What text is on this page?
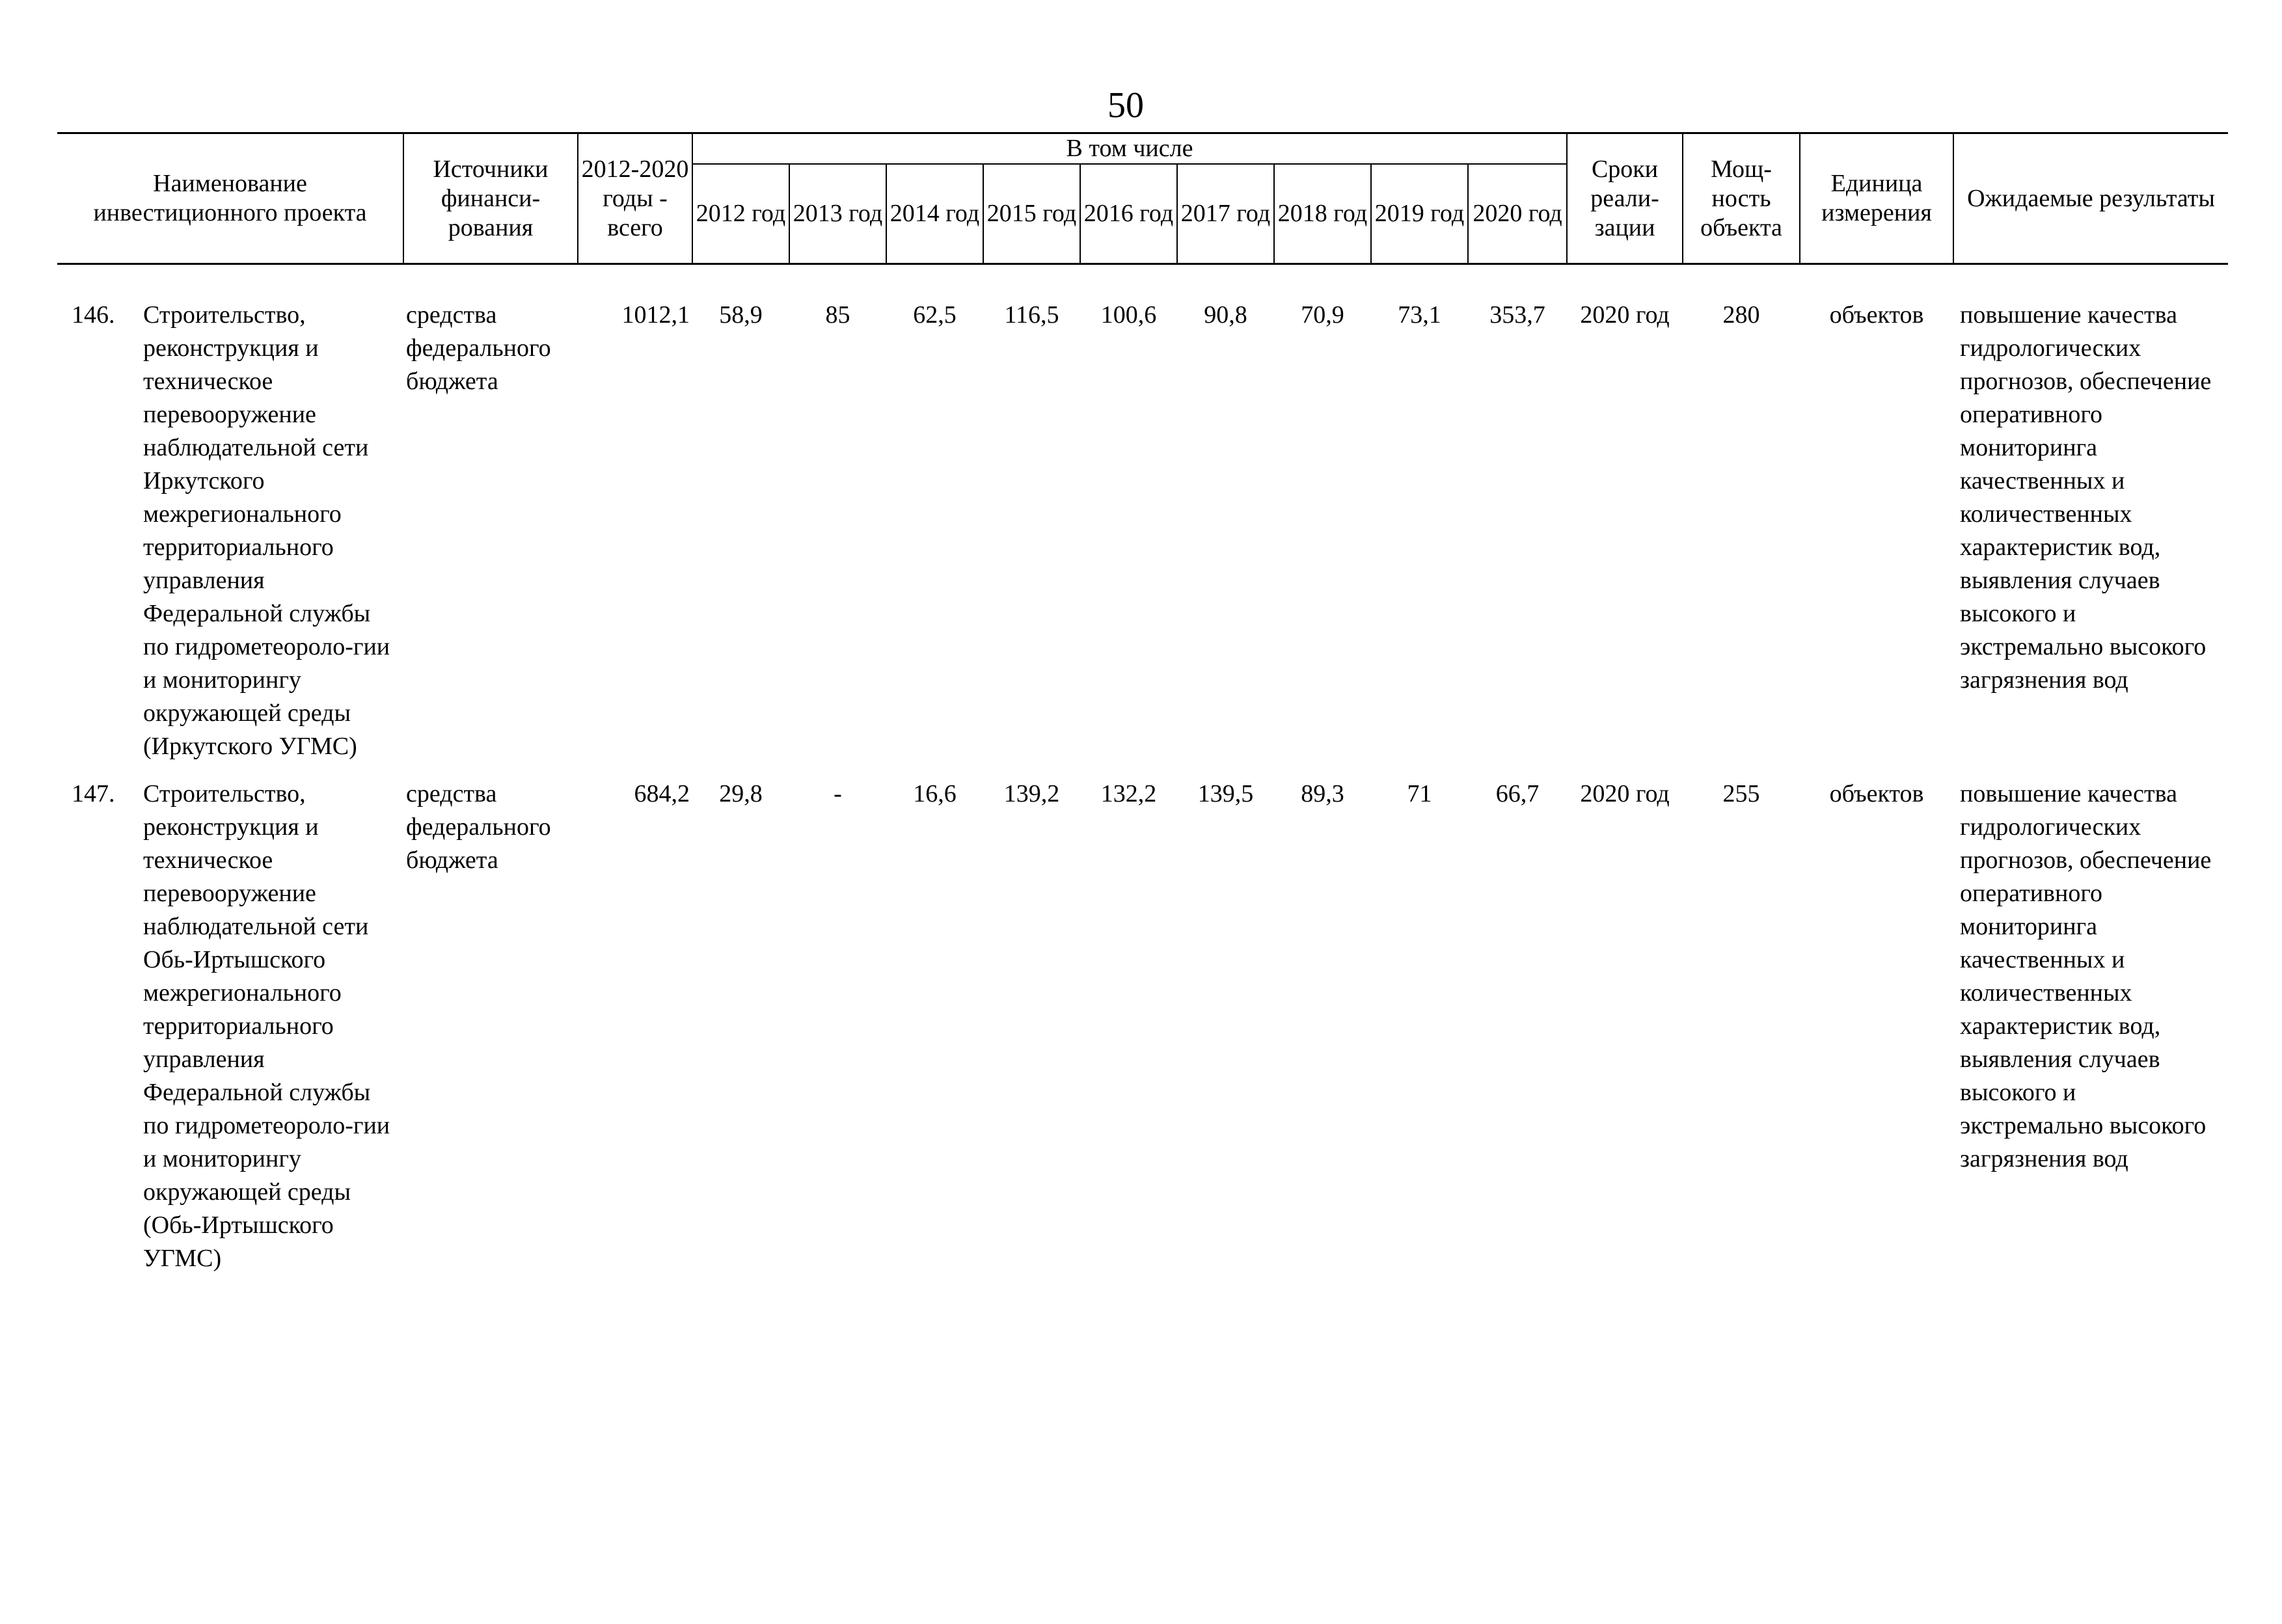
50
Наименование инвестиционного проекта	Источники финанси-рования	2012-2020 годы - всего	В том числе									Сроки реали-зации	Мощ-ность объекта	Единица измерения	Ожидаемые результаты
			2012 год	2013 год	2014 год	2015 год	2016 год	2017 год	2018 год	2019 год	2020 год				

146. Строительство, реконструкция и техническое перевооружение наблюдательной сети Иркутского межрегионального территориального управления Федеральной службы по гидрометеороло-гии и мониторингу окружающей среды (Иркутского УГМС)	средства федерального бюджета	1012,1	58,9	85	62,5	116,5	100,6	90,8	70,9	73,1	353,7	2020 год	280	объектов	повышение качества гидрологических прогнозов, обеспечение оперативного мониторинга качественных и количественных характеристик вод, выявления случаев высокого и экстремально высокого загрязнения вод

147. Строительство, реконструкция и техническое перевооружение наблюдательной сети Обь-Иртышского межрегионального территориального управления Федеральной службы по гидрометеороло-гии и мониторингу окружающей среды (Обь-Иртышского УГМС)	средства федерального бюджета	684,2	29,8	-	16,6	139,2	132,2	139,5	89,3	71	66,7	2020 год	255	объектов	повышение качества гидрологических прогнозов, обеспечение оперативного мониторинга качественных и количественных характеристик вод, выявления случаев высокого и экстремально высокого загрязнения вод
